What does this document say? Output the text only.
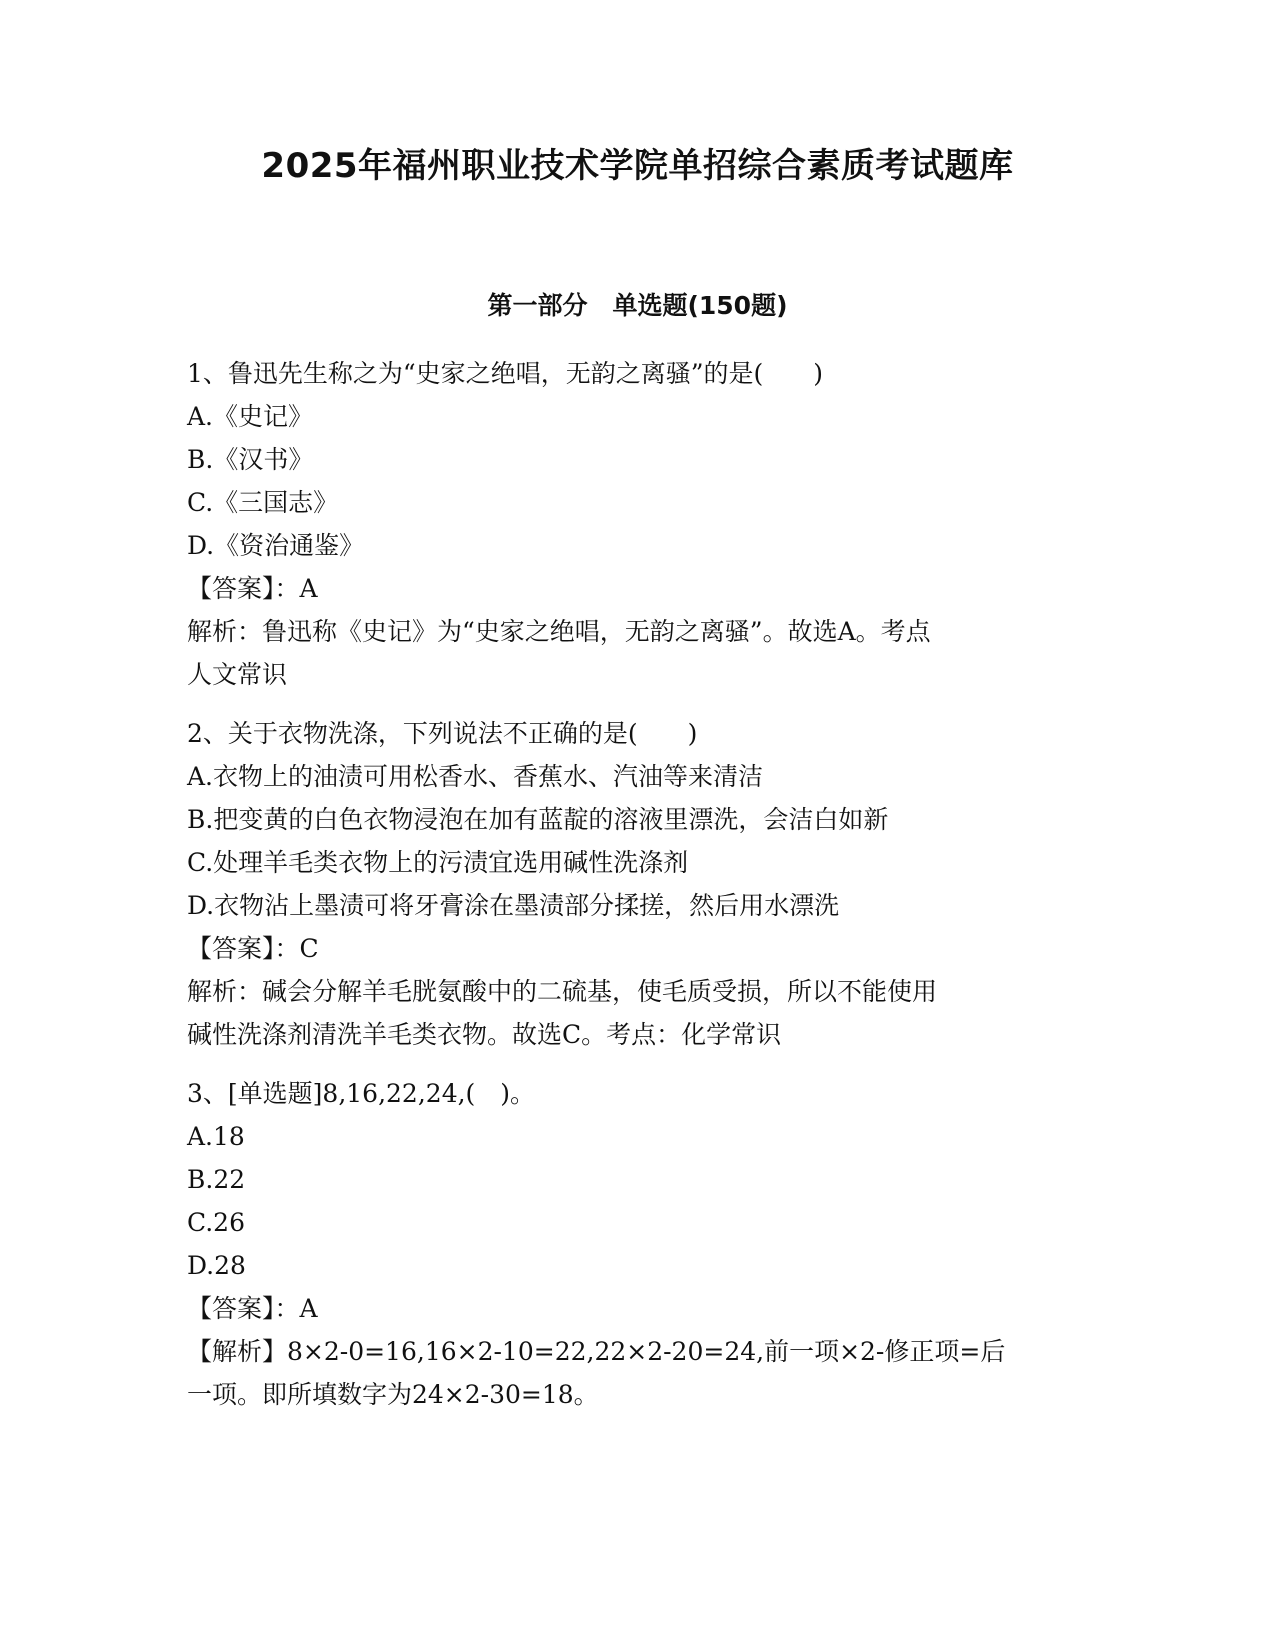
2025年福州职业技术学院单招综合素质考试题库
第一部分　单选题(150题)
1、鲁迅先生称之为“史家之绝唱，无韵之离骚”的是(　　)
A.《史记》
B.《汉书》
C.《三国志》
D.《资治通鉴》
【答案】：A
解析：鲁迅称《史记》为“史家之绝唱，无韵之离骚”。故选A。考点
人文常识
2、关于衣物洗涤，下列说法不正确的是(　　)
A.衣物上的油渍可用松香水、香蕉水、汽油等来清洁
B.把变黄的白色衣物浸泡在加有蓝靛的溶液里漂洗，会洁白如新
C.处理羊毛类衣物上的污渍宜选用碱性洗涤剂
D.衣物沾上墨渍可将牙膏涂在墨渍部分揉搓，然后用水漂洗
【答案】：C
解析：碱会分解羊毛胱氨酸中的二硫基，使毛质受损，所以不能使用
碱性洗涤剂清洗羊毛类衣物。故选C。考点：化学常识
3、[单选题]8,16,22,24,(　)。
A.18
B.22
C.26
D.28
【答案】：A
【解析】8×2-0=16,16×2-10=22,22×2-20=24,前一项×2-修正项=后
一项。即所填数字为24×2-30=18。
